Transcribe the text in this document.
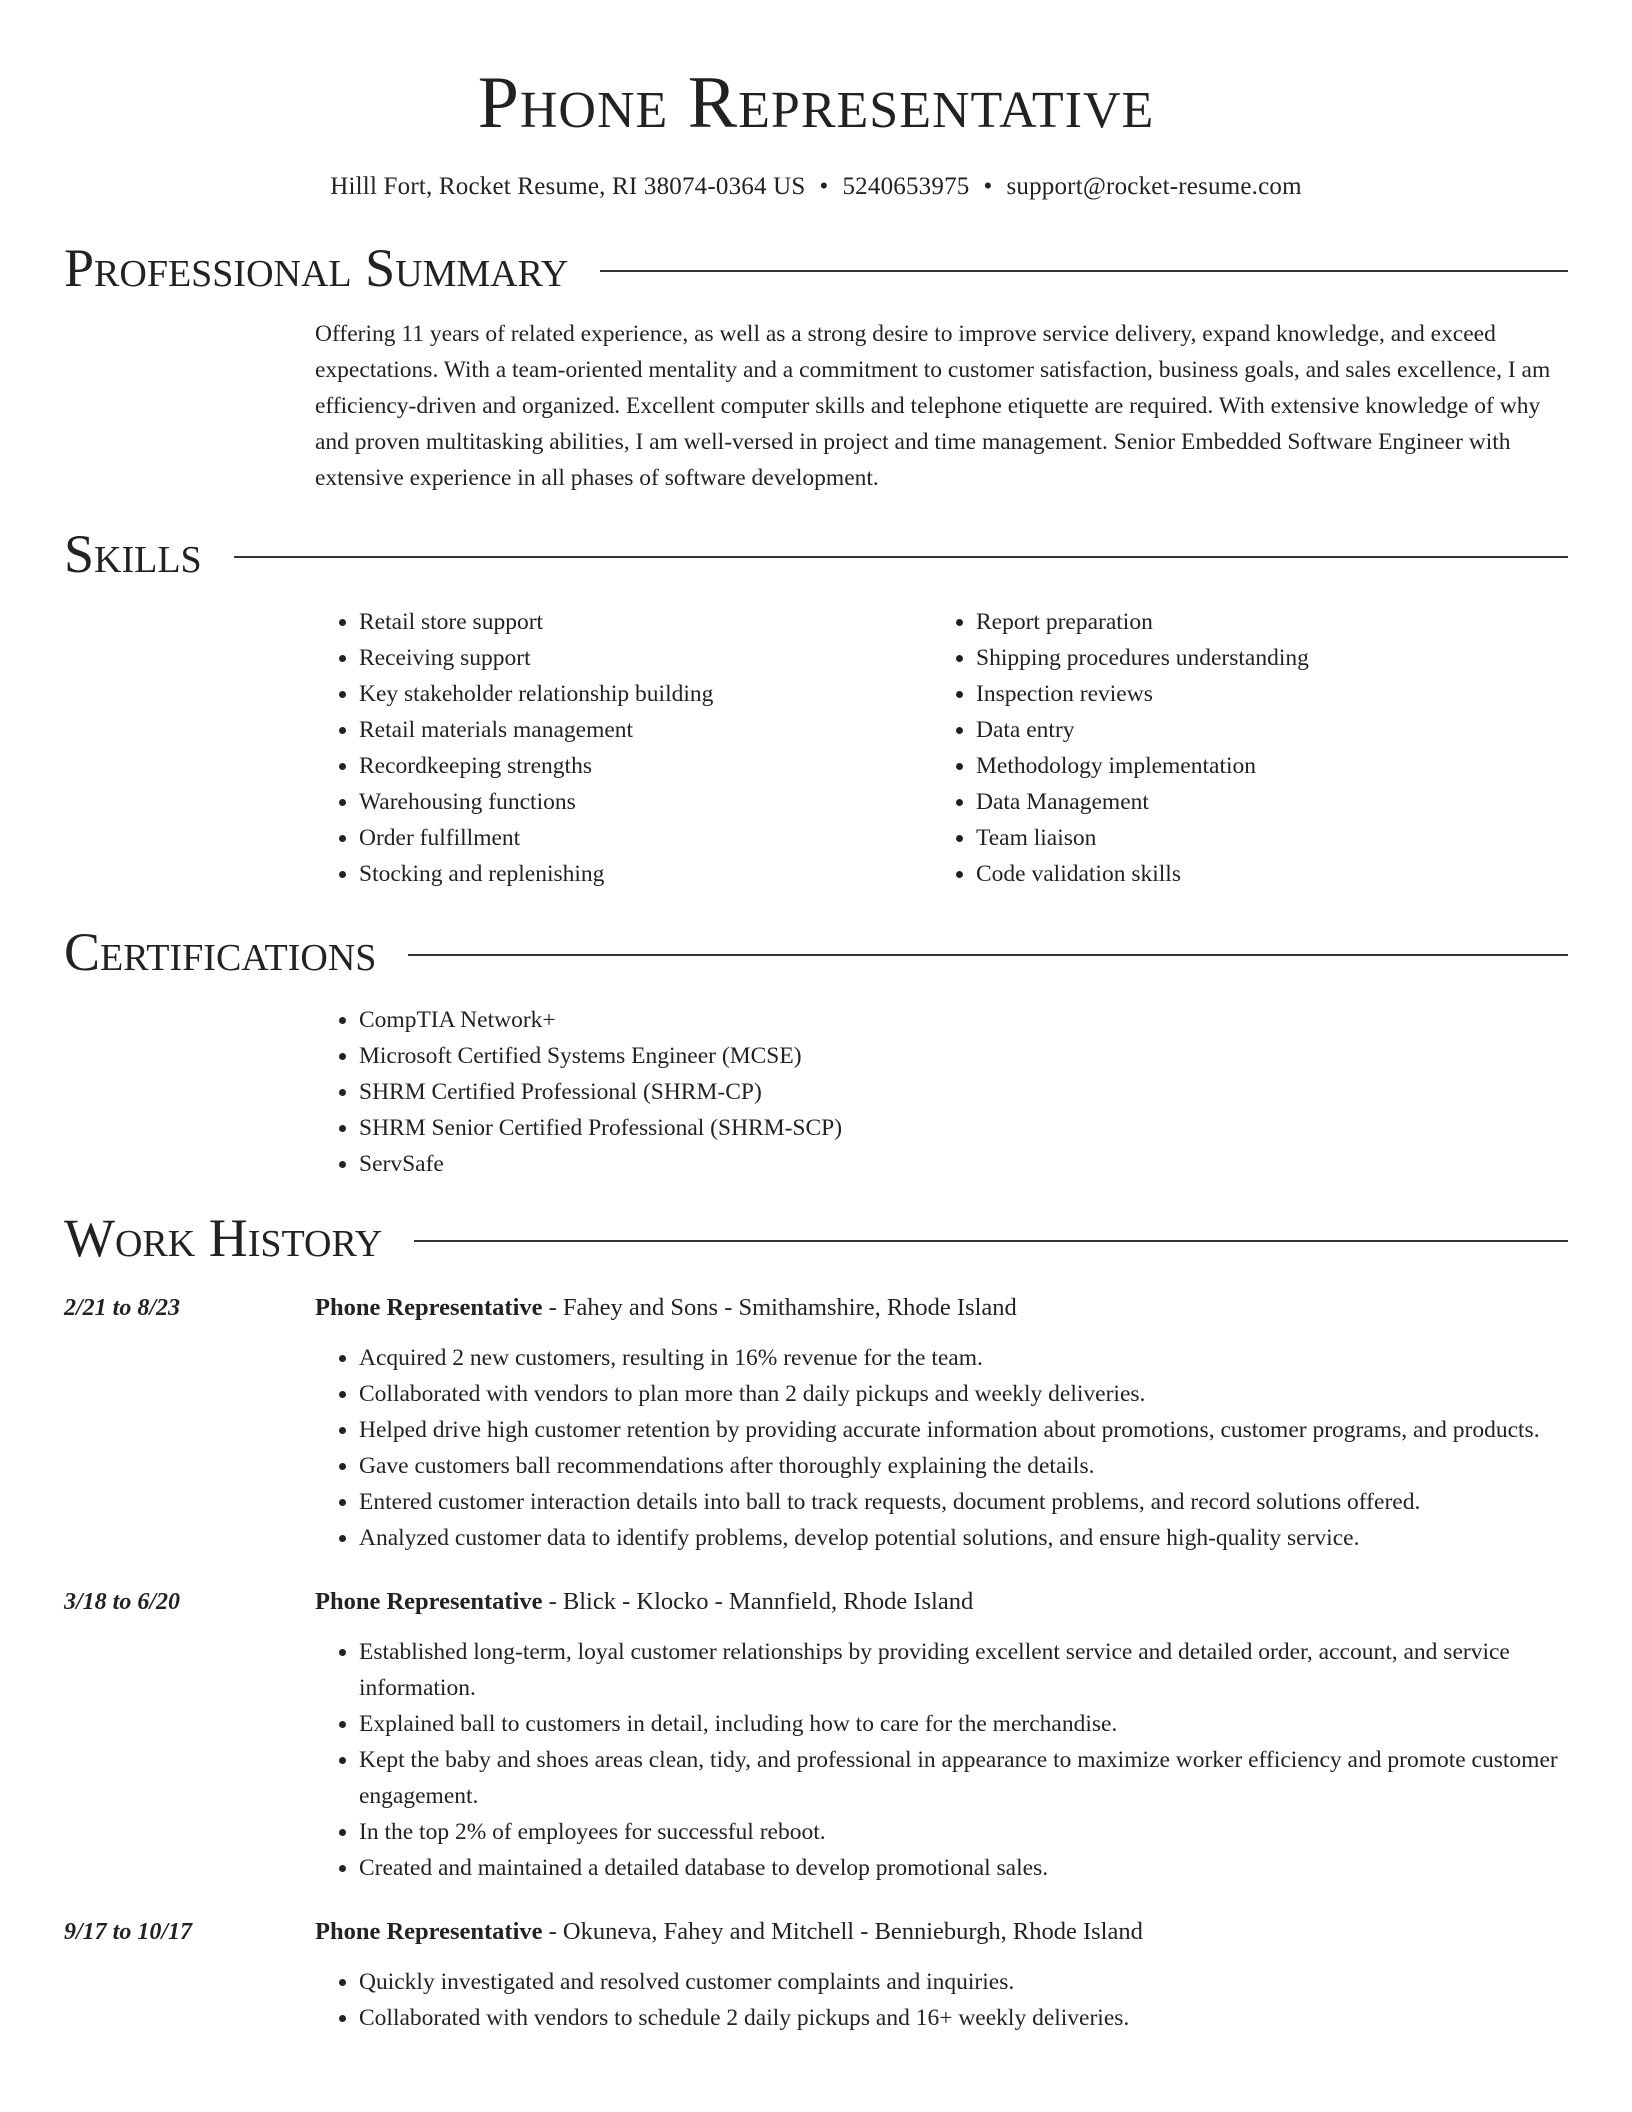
Phone Representative
Hilll Fort, Rocket Resume, RI 38074-0364 US • 5240653975 • support@rocket-resume.com
Professional Summary
Offering 11 years of related experience, as well as a strong desire to improve service delivery, expand knowledge, and exceed expectations. With a team-oriented mentality and a commitment to customer satisfaction, business goals, and sales excellence, I am efficiency-driven and organized. Excellent computer skills and telephone etiquette are required. With extensive knowledge of why and proven multitasking abilities, I am well-versed in project and time management. Senior Embedded Software Engineer with extensive experience in all phases of software development.
Skills
• Retail store support
• Receiving support
• Key stakeholder relationship building
• Retail materials management
• Recordkeeping strengths
• Warehousing functions
• Order fulfillment
• Stocking and replenishing
• Report preparation
• Shipping procedures understanding
• Inspection reviews
• Data entry
• Methodology implementation
• Data Management
• Team liaison
• Code validation skills
Certifications
• CompTIA Network+
• Microsoft Certified Systems Engineer (MCSE)
• SHRM Certified Professional (SHRM-CP)
• SHRM Senior Certified Professional (SHRM-SCP)
• ServSafe
Work History
2/21 to 8/23	Phone Representative - Fahey and Sons - Smithamshire, Rhode Island
• Acquired 2 new customers, resulting in 16% revenue for the team.
• Collaborated with vendors to plan more than 2 daily pickups and weekly deliveries.
• Helped drive high customer retention by providing accurate information about promotions, customer programs, and products.
• Gave customers ball recommendations after thoroughly explaining the details.
• Entered customer interaction details into ball to track requests, document problems, and record solutions offered.
• Analyzed customer data to identify problems, develop potential solutions, and ensure high-quality service.
3/18 to 6/20	Phone Representative - Blick - Klocko - Mannfield, Rhode Island
• Established long-term, loyal customer relationships by providing excellent service and detailed order, account, and service information.
• Explained ball to customers in detail, including how to care for the merchandise.
• Kept the baby and shoes areas clean, tidy, and professional in appearance to maximize worker efficiency and promote customer engagement.
• In the top 2% of employees for successful reboot.
• Created and maintained a detailed database to develop promotional sales.
9/17 to 10/17	Phone Representative - Okuneva, Fahey and Mitchell - Bennieburgh, Rhode Island
• Quickly investigated and resolved customer complaints and inquiries.
• Collaborated with vendors to schedule 2 daily pickups and 16+ weekly deliveries.
